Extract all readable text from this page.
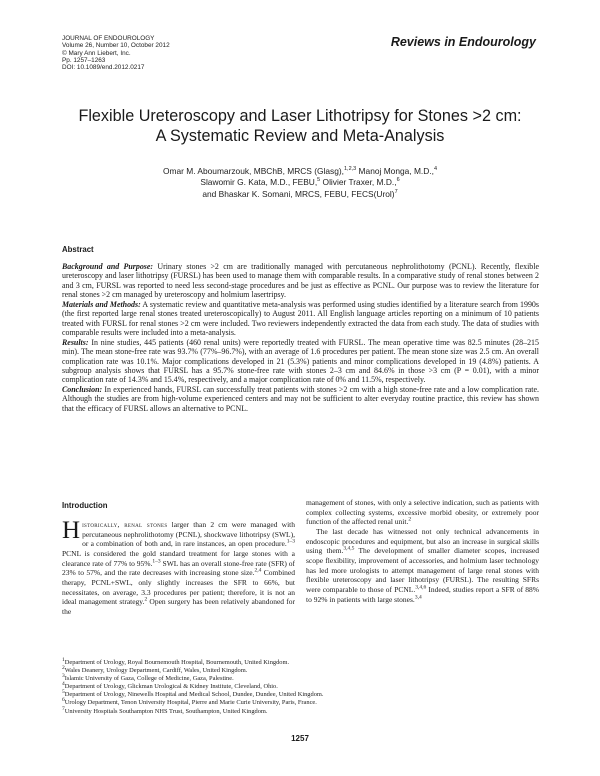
JOURNAL OF ENDOUROLOGY
Volume 26, Number 10, October 2012
© Mary Ann Liebert, Inc.
Pp. 1257–1263
DOI: 10.1089/end.2012.0217
Reviews in Endourology
Flexible Ureteroscopy and Laser Lithotripsy for Stones >2 cm:
A Systematic Review and Meta-Analysis
Omar M. Aboumarzouk, MBChB, MRCS (Glasg),$^{1,2,3}$ Manoj Monga, M.D.,$^4$
Slawomir G. Kata, M.D., FEBU,$^5$ Olivier Traxer, M.D.,$^6$
and Bhaskar K. Somani, MRCS, FEBU, FECS(Urol)$^7$
Abstract

Background and Purpose: Urinary stones >2 cm are traditionally managed with percutaneous nephrolithotomy (PCNL). Recently, flexible ureteroscopy and laser lithotripsy (FURSL) has been used to manage them with comparable results. In a comparative study of renal stones between 2 and 3 cm, FURSL was reported to need less second-stage procedures and be just as effective as PCNL. Our purpose was to review the literature for renal stones >2 cm managed by ureteroscopy and holmium lasertripsy.

Materials and Methods: A systematic review and quantitative meta-analysis was performed using studies identified by a literature search from 1990s (the first reported large renal stones treated ureteroscopically) to August 2011. All English language articles reporting on a minimum of 10 patients treated with FURSL for renal stones >2 cm were included. Two reviewers independently extracted the data from each study. The data of studies with comparable results were included into a meta-analysis.

Results: In nine studies, 445 patients (460 renal units) were reportedly treated with FURSL. The mean operative time was 82.5 minutes (28–215 min). The mean stone-free rate was 93.7% (77%–96.7%), with an average of 1.6 procedures per patient. The mean stone size was 2.5 cm. An overall complication rate was 10.1%. Major complications developed in 21 (5.3%) patients and minor complications developed in 19 (4.8%) patients. A subgroup analysis shows that FURSL has a 95.7% stone-free rate with stones 2–3 cm and 84.6% in those >3 cm (P = 0.01), with a minor complication rate of 14.3% and 15.4%, respectively, and a major complication rate of 0% and 11.5%, respectively.

Conclusion: In experienced hands, FURSL can successfully treat patients with stones >2 cm with a high stone-free rate and a low complication rate. Although the studies are from high-volume experienced centers and may not be sufficient to alter everyday routine practice, this review has shown that the efficacy of FURSL allows an alternative to PCNL.

Introduction

Historically, renal stones larger than 2 cm were managed with percutaneous nephrolithotomy (PCNL), shockwave lithotripsy (SWL), or a combination of both and, in rare instances, an open procedure.$^{1-3}$ PCNL is considered the gold standard treatment for large stones with a clearance rate of 77% to 95%.$^{1-3}$ SWL has an overall stone-free rate (SFR) of 23% to 57%, and the rate decreases with increasing stone size.$^{2,4}$ Combined therapy, PCNL+SWL, only slightly increases the SFR to 66%, but necessitates, on average, 3.3 procedures per patient; therefore, it is not an ideal management strategy.$^2$ Open surgery has been relatively abandoned for the

management of stones, with only a selective indication, such as patients with complex collecting systems, excessive morbid obesity, or extremely poor function of the affected renal unit.$^2$

The last decade has witnessed not only technical advancements in endoscopic procedures and equipment, but also an increase in surgical skills using them.$^{3,4,5}$ The development of smaller diameter scopes, increased scope flexibility, improvement of accessories, and holmium laser technology has led more urologists to attempt management of large renal stones with flexible ureteroscopy and laser lithotripsy (FURSL). The resulting SFRs were comparable to those of PCNL.$^{3,4,6}$ Indeed, studies report a SFR of 88% to 92% in patients with large stones.$^{3,4}$

$^1$Department of Urology, Royal Bournemouth Hospital, Bournemouth, United Kingdom.
$^2$Wales Deanery, Urology Department, Cardiff, Wales, United Kingdom.
$^3$Islamic University of Gaza, College of Medicine, Gaza, Palestine.
$^4$Department of Urology, Glickman Urological & Kidney Institute, Cleveland, Ohio.
$^5$Department of Urology, Ninewells Hospital and Medical School, Dundee, Dundee, United Kingdom.
$^6$Urology Department, Tenon University Hospital, Pierre and Marie Curie University, Paris, France.
$^7$University Hospitals Southampton NHS Trust, Southampton, United Kingdom.
1257
